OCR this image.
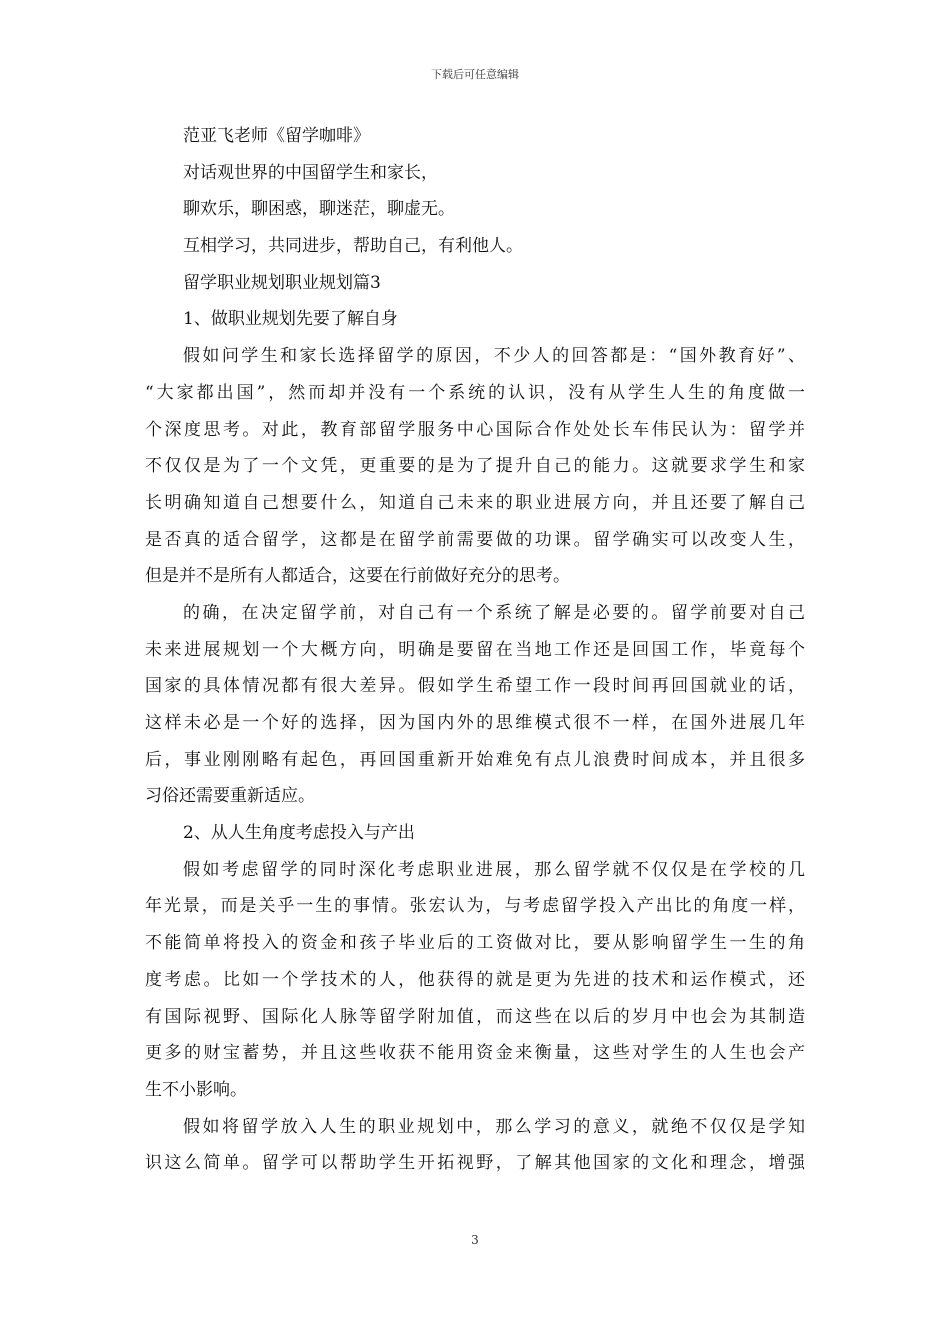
下载后可任意编辑
范亚飞老师《留学咖啡》
对话观世界的中国留学生和家长，
聊欢乐，聊困惑，聊迷茫，聊虚无。
互相学习，共同进步，帮助自己，有利他人。
留学职业规划职业规划篇3
1、做职业规划先要了解自身
假如问学生和家长选择留学的原因，不少人的回答都是：“国外教育好”、
“大家都出国”，然而却并没有一个系统的认识，没有从学生人生的角度做一
个深度思考。对此，教育部留学服务中心国际合作处处长车伟民认为：留学并
不仅仅是为了一个文凭，更重要的是为了提升自己的能力。这就要求学生和家
长明确知道自己想要什么，知道自己未来的职业进展方向，并且还要了解自己
是否真的适合留学，这都是在留学前需要做的功课。留学确实可以改变人生，
但是并不是所有人都适合，这要在行前做好充分的思考。
的确，在决定留学前，对自己有一个系统了解是必要的。留学前要对自己
未来进展规划一个大概方向，明确是要留在当地工作还是回国工作，毕竟每个
国家的具体情况都有很大差异。假如学生希望工作一段时间再回国就业的话，
这样未必是一个好的选择，因为国内外的思维模式很不一样，在国外进展几年
后，事业刚刚略有起色，再回国重新开始难免有点儿浪费时间成本，并且很多
习俗还需要重新适应。
2、从人生角度考虑投入与产出
假如考虑留学的同时深化考虑职业进展，那么留学就不仅仅是在学校的几
年光景，而是关乎一生的事情。张宏认为，与考虑留学投入产出比的角度一样，
不能简单将投入的资金和孩子毕业后的工资做对比，要从影响留学生一生的角
度考虑。比如一个学技术的人，他获得的就是更为先进的技术和运作模式，还
有国际视野、国际化人脉等留学附加值，而这些在以后的岁月中也会为其制造
更多的财宝蓄势，并且这些收获不能用资金来衡量，这些对学生的人生也会产
生不小影响。
假如将留学放入人生的职业规划中，那么学习的意义，就绝不仅仅是学知
识这么简单。留学可以帮助学生开拓视野，了解其他国家的文化和理念，增强
3
